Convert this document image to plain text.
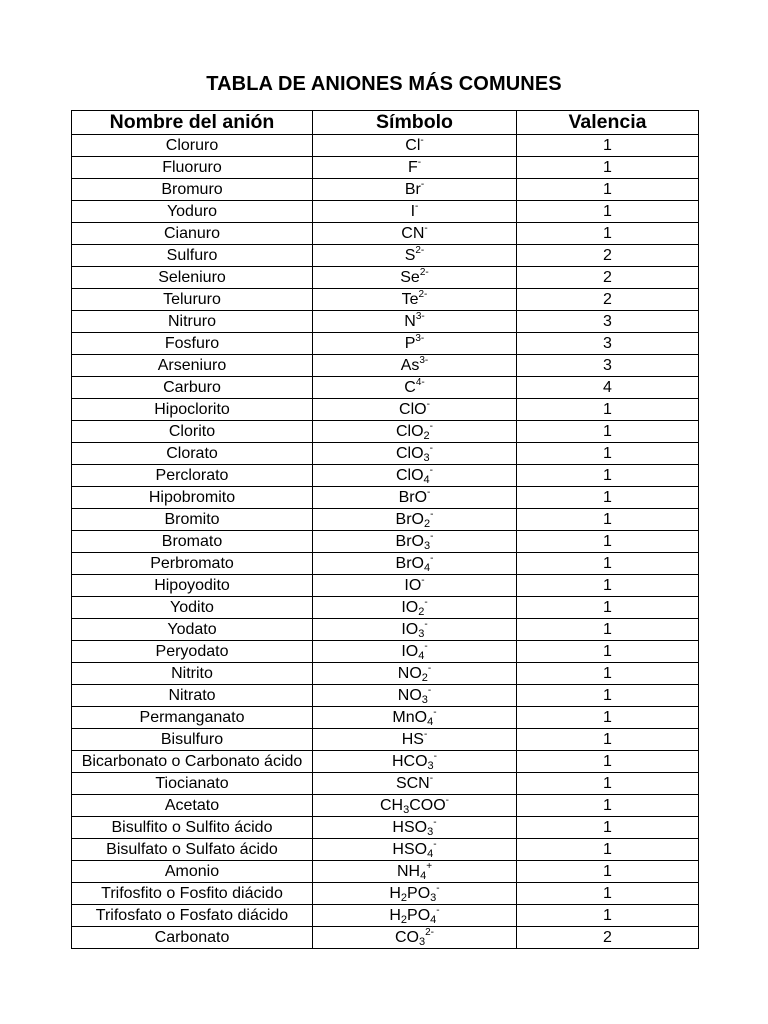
TABLA DE ANIONES MÁS COMUNES
Nombre del anión	Símbolo	Valencia
Cloruro	Cl-	1
Fluoruro	F-	1
Bromuro	Br-	1
Yoduro	I-	1
Cianuro	CN-	1
Sulfuro	$S^{2-}$	2
Seleniuro	$Se^{2-}$	2
Telururo	$Te^{2-}$	2
Nitruro	$N^{3-}$	3
Fosfuro	$P^{3-}$	3
Arseniuro	$As^{3-}$	3
Carburo	$C^{4-}$	4
Hipoclorito	ClO-	1
Clorito	ClO$_2$-	1
Clorato	ClO$_3$-	1
Perclorato	ClO$_4$-	1
Hipobromito	BrO-	1
Bromito	BrO$_2$-	1
Bromato	BrO$_3$-	1
Perbromato	BrO$_4$-	1
Hipoyodito	IO-	1
Yodito	$IO_2^-$	1
Yodato	$IO_3^-$	1
Peryodato	$IO_4^-$	1
Nitrito	$NO_2^-$	1
Nitrato	$NO_3^-$	1
Permanganato	MnO$_4$-	1
Bisulfuro	HS-	1
Bicarbonato o Carbonato ácido	$HCO_3^-$	1
Tiocianato	SCN-	1
Acetato	$CH_3COO^-$	1
Bisulfito o Sulfito ácido	$HSO_3^-$	1
Bisulfato o Sulfato ácido	$HSO_4^-$	1
Amonio	$NH_4^+$	1
Trifosfito o Fosfito diácido	$H_2PO_3^-$	1
Trifosfato o Fosfato diácido	$H_2PO_4^-$	1
Carbonato	$CO_3^{2-}$	2
